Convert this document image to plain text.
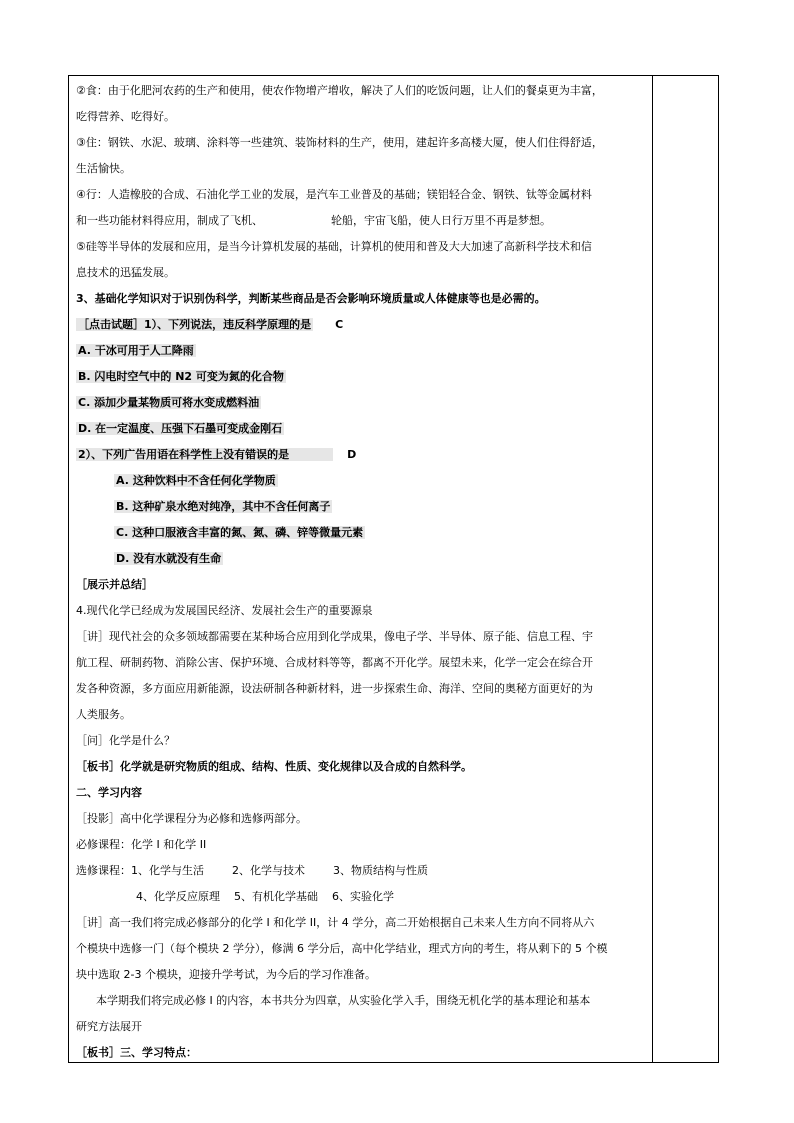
②食：由于化肥河农药的生产和使用，使农作物增产增收，解决了人们的吃饭问题，让人们的餐桌更为丰富，
吃得营养、吃得好。
③住：钢铁、水泥、玻璃、涂料等一些建筑、装饰材料的生产，使用，建起许多高楼大厦，使人们住得舒适，
生活愉快。
④行：人造橡胶的合成、石油化学工业的发展，是汽车工业普及的基础；镁铝轻合金、钢铁、钛等金属材料
和一些功能材料得应用，制成了飞机、	轮船，宇宙飞船，使人日行万里不再是梦想。
⑤硅等半导体的发展和应用，是当今计算机发展的基础，计算机的使用和普及大大加速了高新科学技术和信
息技术的迅猛发展。
3、基础化学知识对于识别伪科学，判断某些商品是否会影响环境质量或人体健康等也是必需的。
［点击试题］1）、下列说法，违反科学原理的是 C
A. 干冰可用于人工降雨
B. 闪电时空气中的 N2 可变为氮的化合物
C. 添加少量某物质可将水变成燃料油
D. 在一定温度、压强下石墨可变成金刚石
2）、下列广告用语在科学性上没有错误的是	D
A. 这种饮料中不含任何化学物质
B. 这种矿泉水绝对纯净，其中不含任何离子
C. 这种口服液含丰富的氮、氮、磷、锌等微量元素
D. 没有水就没有生命
［展示并总结］
4.现代化学已经成为发展国民经济、发展社会生产的重要源泉
［讲］现代社会的众多领域都需要在某种场合应用到化学成果，像电子学、半导体、原子能、信息工程、宇
航工程、研制药物、消除公害、保护环境、合成材料等等，都离不开化学。展望未来，化学一定会在综合开
发各种资源，多方面应用新能源，设法研制各种新材料，进一步探索生命、海洋、空间的奥秘方面更好的为
人类服务。
［问］化学是什么？
［板书］化学就是研究物质的组成、结构、性质、变化规律以及合成的自然科学。
二、学习内容
［投影］高中化学课程分为必修和选修两部分。
必修课程：化学 I 和化学 II
选修课程：1、化学与生活	2、化学与技术	3、物质结构与性质
4、化学反应原理 5、有机化学基础 6、实验化学
［讲］高一我们将完成必修部分的化学 I 和化学 II，计 4 学分，高二开始根据自己未来人生方向不同将从六
个模块中选修一门（每个模块 2 学分），修满 6 学分后，高中化学结业，理式方向的考生，将从剩下的 5 个模
块中选取 2-3 个模块，迎接升学考试，为今后的学习作准备。
本学期我们将完成必修 I 的内容，本书共分为四章，从实验化学入手，围绕无机化学的基本理论和基本
研究方法展开
［板书］三、学习特点：
